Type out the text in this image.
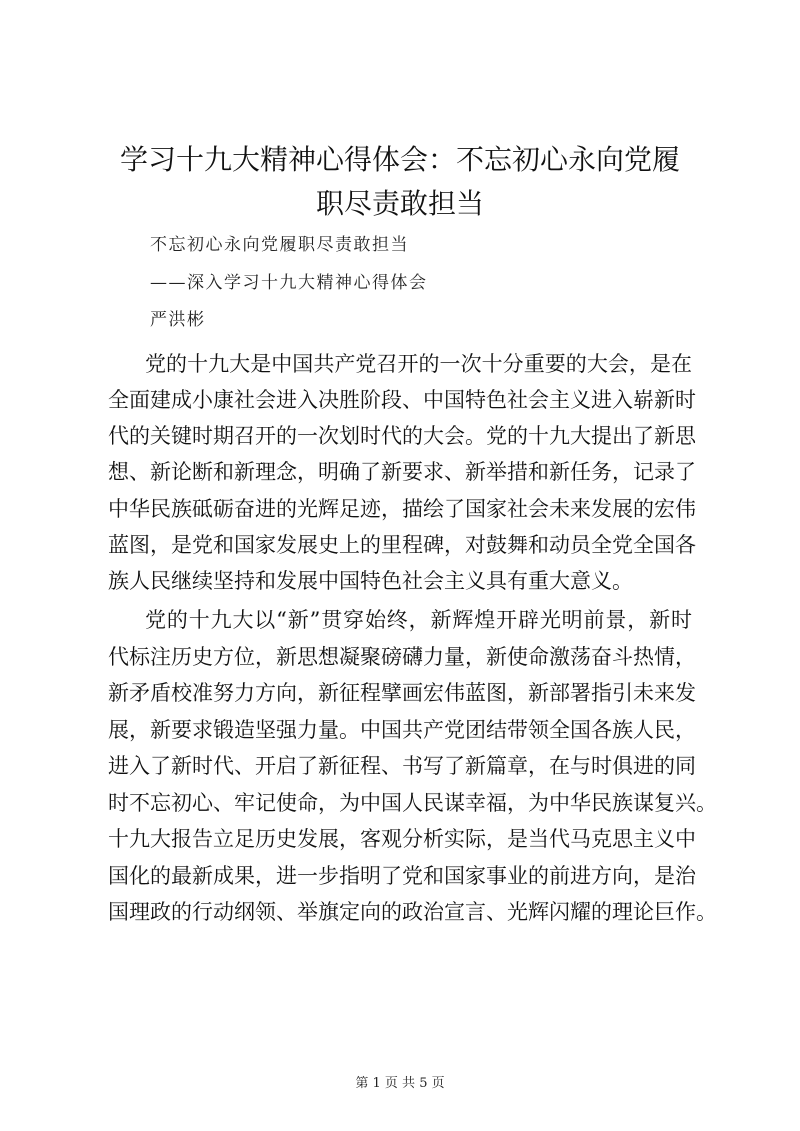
学习十九大精神心得体会：不忘初心永向党履
职尽责敢担当
不忘初心永向党履职尽责敢担当
——深入学习十九大精神心得体会
严洪彬
党的十九大是中国共产党召开的一次十分重要的大会，是在
全面建成小康社会进入决胜阶段、中国特色社会主义进入崭新时
代的关键时期召开的一次划时代的大会。党的十九大提出了新思
想、新论断和新理念，明确了新要求、新举措和新任务，记录了
中华民族砥砺奋进的光辉足迹，描绘了国家社会未来发展的宏伟
蓝图，是党和国家发展史上的里程碑，对鼓舞和动员全党全国各
族人民继续坚持和发展中国特色社会主义具有重大意义。
党的十九大以“新”贯穿始终，新辉煌开辟光明前景，新时
代标注历史方位，新思想凝聚磅礴力量，新使命激荡奋斗热情，
新矛盾校准努力方向，新征程擘画宏伟蓝图，新部署指引未来发
展，新要求锻造坚强力量。中国共产党团结带领全国各族人民，
进入了新时代、开启了新征程、书写了新篇章，在与时俱进的同
时不忘初心、牢记使命，为中国人民谋幸福，为中华民族谋复兴。
十九大报告立足历史发展，客观分析实际，是当代马克思主义中
国化的最新成果，进一步指明了党和国家事业的前进方向，是治
国理政的行动纲领、举旗定向的政治宣言、光辉闪耀的理论巨作。
第 1 页 共 5 页
